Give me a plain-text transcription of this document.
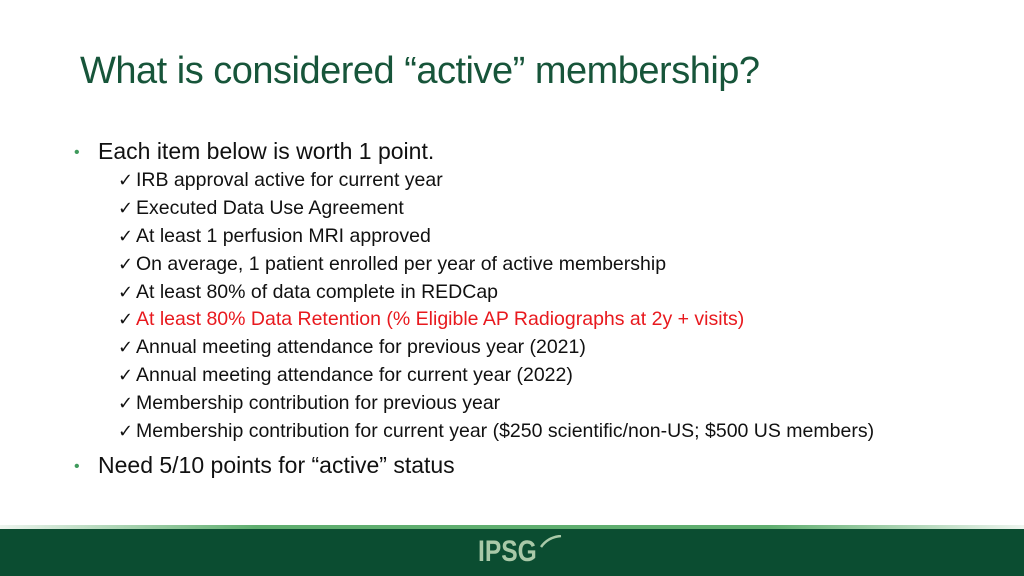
What is considered “active” membership?
• Each item below is worth 1 point.
✓ IRB approval active for current year
✓ Executed Data Use Agreement
✓ At least 1 perfusion MRI approved
✓ On average, 1 patient enrolled per year of active membership
✓ At least 80% of data complete in REDCap
✓ At least 80% Data Retention (% Eligible AP Radiographs at 2y + visits)
✓ Annual meeting attendance for previous year (2021)
✓ Annual meeting attendance for current year (2022)
✓ Membership contribution for previous year
✓ Membership contribution for current year ($250 scientific/non-US; $500 US members)
• Need 5/10 points for “active” status
IPSG
